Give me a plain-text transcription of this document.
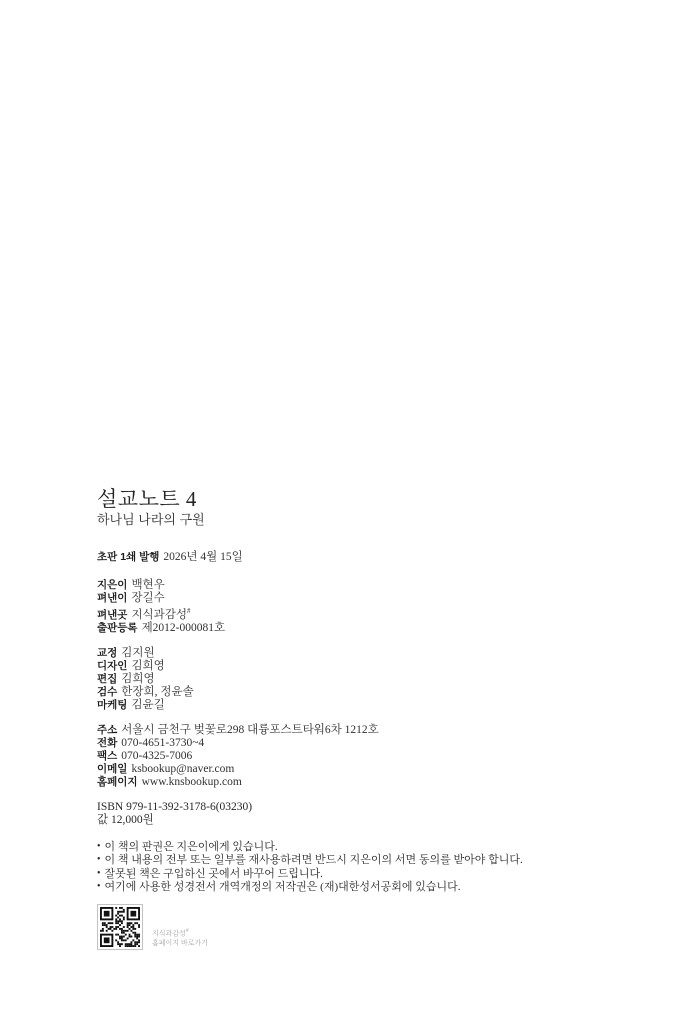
설교노트 4
하나님 나라의 구원
초판 1쇄 발행 2026년 4월 15일
지은이 백현우
펴낸이 장길수
펴낸곳 지식과감성#
출판등록 제2012-000081호
교정 김지원
디자인 김희영
편집 김희영
검수 한장희, 정윤솔
마케팅 김윤길
주소 서울시 금천구 벚꽃로298 대륭포스트타워6차 1212호
전화 070-4651-3730~4
팩스 070-4325-7006
이메일 ksbookup@naver.com
홈페이지 www.knsbookup.com
ISBN 979-11-392-3178-6(03230)
값 12,000원
• 이 책의 판권은 지은이에게 있습니다.
• 이 책 내용의 전부 또는 일부를 재사용하려면 반드시 지은이의 서면 동의를 받아야 합니다.
• 잘못된 책은 구입하신 곳에서 바꾸어 드립니다.
• 여기에 사용한 성경전서 개역개정의 저작권은 (재)대한성서공회에 있습니다.
지식과감성#
홈페이지 바로가기
